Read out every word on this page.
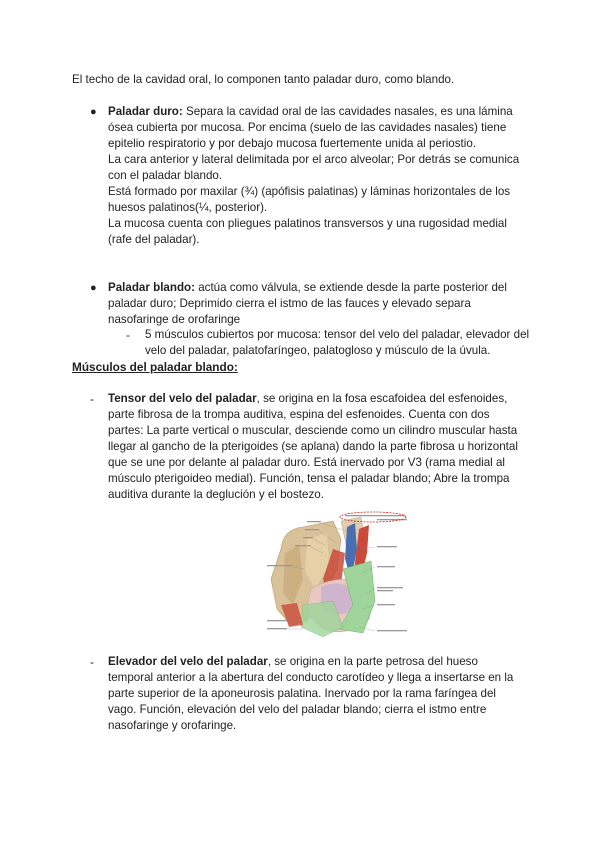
El techo de la cavidad oral, lo componen tanto paladar duro, como blando.

● Paladar duro: Separa la cavidad oral de las cavidades nasales, es una lámina ósea cubierta por mucosa. Por encima (suelo de las cavidades nasales) tiene epitelio respiratorio y por debajo mucosa fuertemente unida al periostio.

La cara anterior y lateral delimitada por el arco alveolar; Por detrás se comunica con el paladar blando.

Está formado por maxilar (¾) (apófisis palatinas) y láminas horizontales de los huesos palatinos(¼, posterior).

La mucosa cuenta con pliegues palatinos transversos y una rugosidad medial (rafe del paladar).

● Paladar blando: actúa como válvula, se extiende desde la parte posterior del paladar duro; Deprimido cierra el istmo de las fauces y elevado separa nasofaringe de orofaringe

- 5 músculos cubiertos por mucosa: tensor del velo del paladar, elevador del velo del paladar, palatofaríngeo, palatogloso y músculo de la úvula.

Músculos del paladar blando:
- Tensor del velo del paladar, se origina en la fosa escafoidea del esfenoides, parte fibrosa de la trompa auditiva, espina del esfenoides. Cuenta con dos partes: La parte vertical o muscular, desciende como un cilindro muscular hasta llegar al gancho de la pterigoides (se aplana) dando la parte fibrosa u horizontal que se une por delante al paladar duro. Está inervado por V3 (rama medial al músculo pterigoideo medial). Función, tensa el paladar blando; Abre la trompa auditiva durante la deglución y el bostezo.

- Elevador del velo del paladar, se origina en la parte petrosa del hueso temporal anterior a la abertura del conducto carotídeo y llega a insertarse en la parte superior de la aponeurosis palatina. Inervado por la rama faríngea del vago. Función, elevación del velo del paladar blando; cierra el istmo entre nasofaringe y orofaringe.
